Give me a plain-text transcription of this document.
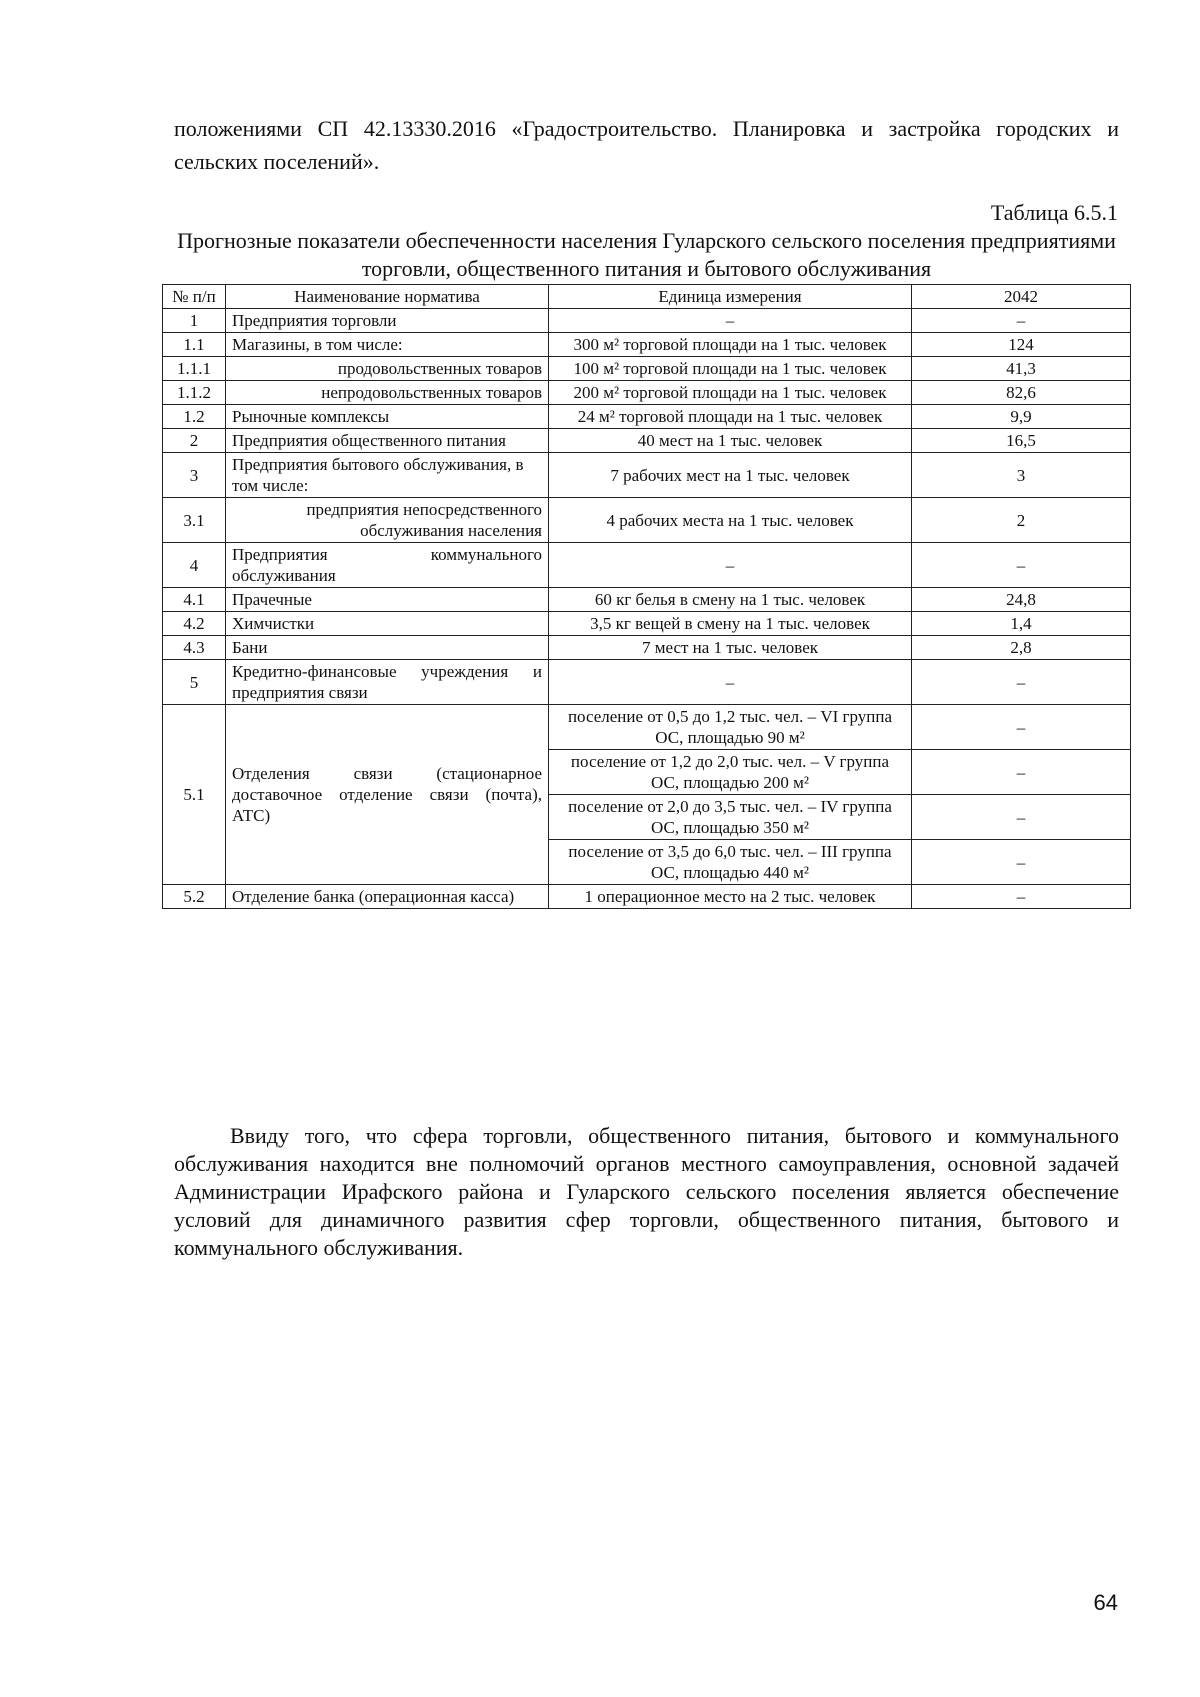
положениями СП 42.13330.2016 «Градостроительство. Планировка и застройка городских и сельских поселений».

Таблица 6.5.1

Прогнозные показатели обеспеченности населения Гуларского сельского поселения предприятиями торговли, общественного питания и бытового обслуживания

№ п/п	Наименование норматива	Единица измерения	2042
1	Предприятия торговли	–	–
1.1	Магазины, в том числе:	300 м² торговой площади на 1 тыс. человек	124
1.1.1	продовольственных товаров	100 м² торговой площади на 1 тыс. человек	41,3
1.1.2	непродовольственных товаров	200 м² торговой площади на 1 тыс. человек	82,6
1.2	Рыночные комплексы	24 м² торговой площади на 1 тыс. человек	9,9
2	Предприятия общественного питания	40 мест на 1 тыс. человек	16,5
3	Предприятия бытового обслуживания, в том числе:	7 рабочих мест на 1 тыс. человек	3
3.1	предприятия непосредственного обслуживания населения	4 рабочих места на 1 тыс. человек	2
4	Предприятия коммунального обслуживания	–	–
4.1	Прачечные	60 кг белья в смену на 1 тыс. человек	24,8
4.2	Химчистки	3,5 кг вещей в смену на 1 тыс. человек	1,4
4.3	Бани	7 мест на 1 тыс. человек	2,8
5	Кредитно-финансовые учреждения и предприятия связи	–	–
5.1	Отделения связи (стационарное доставочное отделение связи (почта), АТС)	поселение от 0,5 до 1,2 тыс. чел. – VI группа ОС, площадью 90 м²	–
		поселение от 1,2 до 2,0 тыс. чел. – V группа ОС, площадью 200 м²	–
		поселение от 2,0 до 3,5 тыс. чел. – IV группа ОС, площадью 350 м²	–
		поселение от 3,5 до 6,0 тыс. чел. – III группа ОС, площадью 440 м²	–
5.2	Отделение банка (операционная касса)	1 операционное место на 2 тыс. человек	–

Ввиду того, что сфера торговли, общественного питания, бытового и коммунального обслуживания находится вне полномочий органов местного самоуправления, основной задачей Администрации Ирафского района и Гуларского сельского поселения является обеспечение условий для динамичного развития сфер торговли, общественного питания, бытового и коммунального обслуживания.

64
